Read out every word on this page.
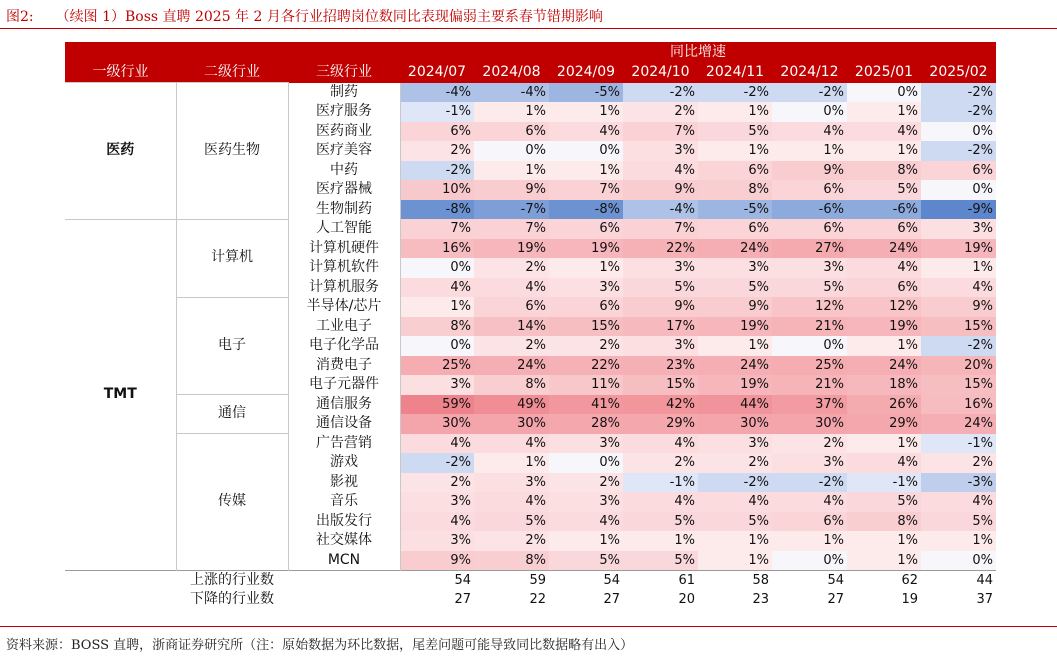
图2: （续图 1）Boss 直聘 2025 年 2 月各行业招聘岗位数同比表现偏弱主要系春节错期影响
			同比增速							
一级行业	二级行业	三级行业	2024/07	2024/08	2024/09	2024/10	2024/11	2024/12	2025/01	2025/02
医药	医药生物	制药	-4%	-4%	-5%	-2%	-2%	-2%	0%	-2%
		医疗服务	-1%	1%	1%	2%	1%	0%	1%	-2%
		医药商业	6%	6%	4%	7%	5%	4%	4%	0%
		医疗美容	2%	0%	0%	3%	1%	1%	1%	-2%
		中药	-2%	1%	1%	4%	6%	9%	8%	6%
		医疗器械	10%	9%	7%	9%	8%	6%	5%	0%
		生物制药	-8%	-7%	-8%	-4%	-5%	-6%	-6%	-9%
TMT	计算机	人工智能	7%	7%	6%	7%	6%	6%	6%	3%
		计算机硬件	16%	19%	19%	22%	24%	27%	24%	19%
		计算机软件	0%	2%	1%	3%	3%	3%	4%	1%
		计算机服务	4%	4%	3%	5%	5%	5%	6%	4%
	电子	半导体/芯片	1%	6%	6%	9%	9%	12%	12%	9%
		工业电子	8%	14%	15%	17%	19%	21%	19%	15%
		电子化学品	0%	2%	2%	3%	1%	0%	1%	-2%
		消费电子	25%	24%	22%	23%	24%	25%	24%	20%
		电子元器件	3%	8%	11%	15%	19%	21%	18%	15%
	通信	通信服务	59%	49%	41%	42%	44%	37%	26%	16%
		通信设备	30%	30%	28%	29%	30%	30%	29%	24%
	传媒	广告营销	4%	4%	3%	4%	3%	2%	1%	-1%
		游戏	-2%	1%	0%	2%	2%	3%	4%	2%
		影视	2%	3%	2%	-1%	-2%	-2%	-1%	-3%
		音乐	3%	4%	3%	4%	4%	4%	5%	4%
		出版发行	4%	5%	4%	5%	5%	6%	8%	5%
		社交媒体	3%	2%	1%	1%	1%	1%	1%	1%
		MCN	9%	8%	5%	5%	1%	0%	1%	0%
	上涨的行业数		54	59	54	61	58	54	62	44
	下降的行业数		27	22	27	20	23	27	19	37
资料来源：BOSS 直聘，浙商证券研究所（注：原始数据为环比数据，尾差问题可能导致同比数据略有出入）
